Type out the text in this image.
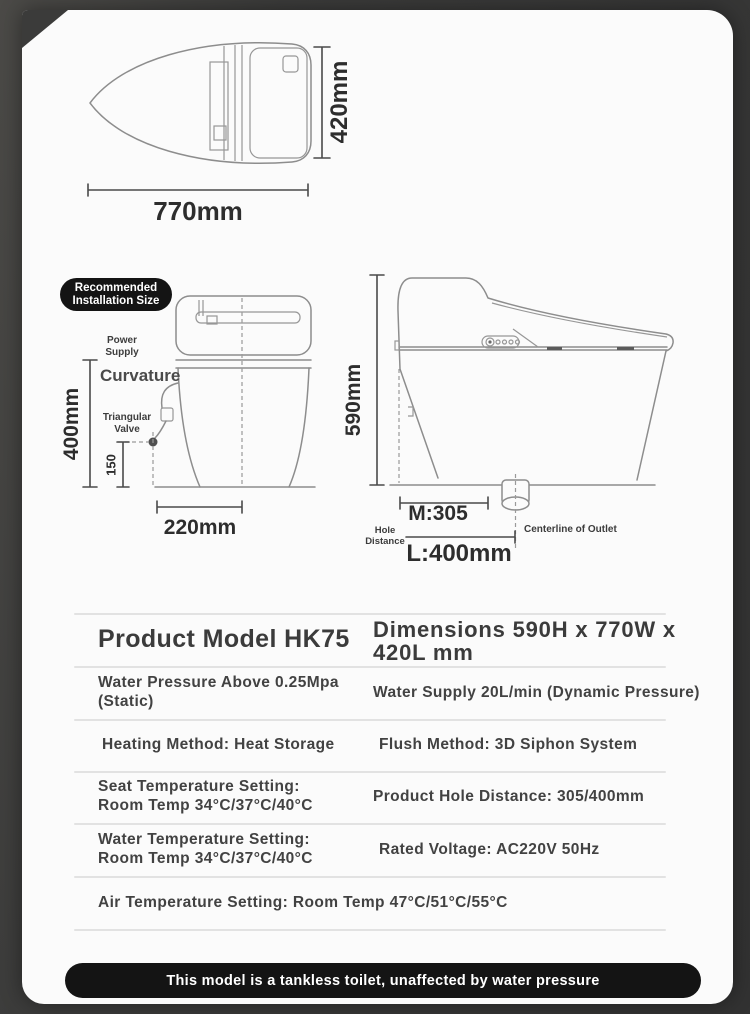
770mm
420mm
Recommended
Installation Size
Power
Supply
Curvature
Triangular
Valve
400mm
150
220mm
590mm
M:305
Hole
Distance L:400mm
Centerline of Outlet
Product Model HK75 Dimensions 590H x 770W x
420L mm
Water Pressure Above 0.25Mpa
(Static)
Water Supply 20L/min (Dynamic Pressure)
Heating Method: Heat Storage	Flush Method: 3D Siphon System
Seat Temperature Setting:
Room Temp 34°C/37°C/40°C
Product Hole Distance: 305/400mm
Water Temperature Setting:
Room Temp 34°C/37°C/40°C
Rated Voltage: AC220V 50Hz
Air Temperature Setting: Room Temp 47°C/51°C/55°C
This model is a tankless toilet, unaffected by water pressure
